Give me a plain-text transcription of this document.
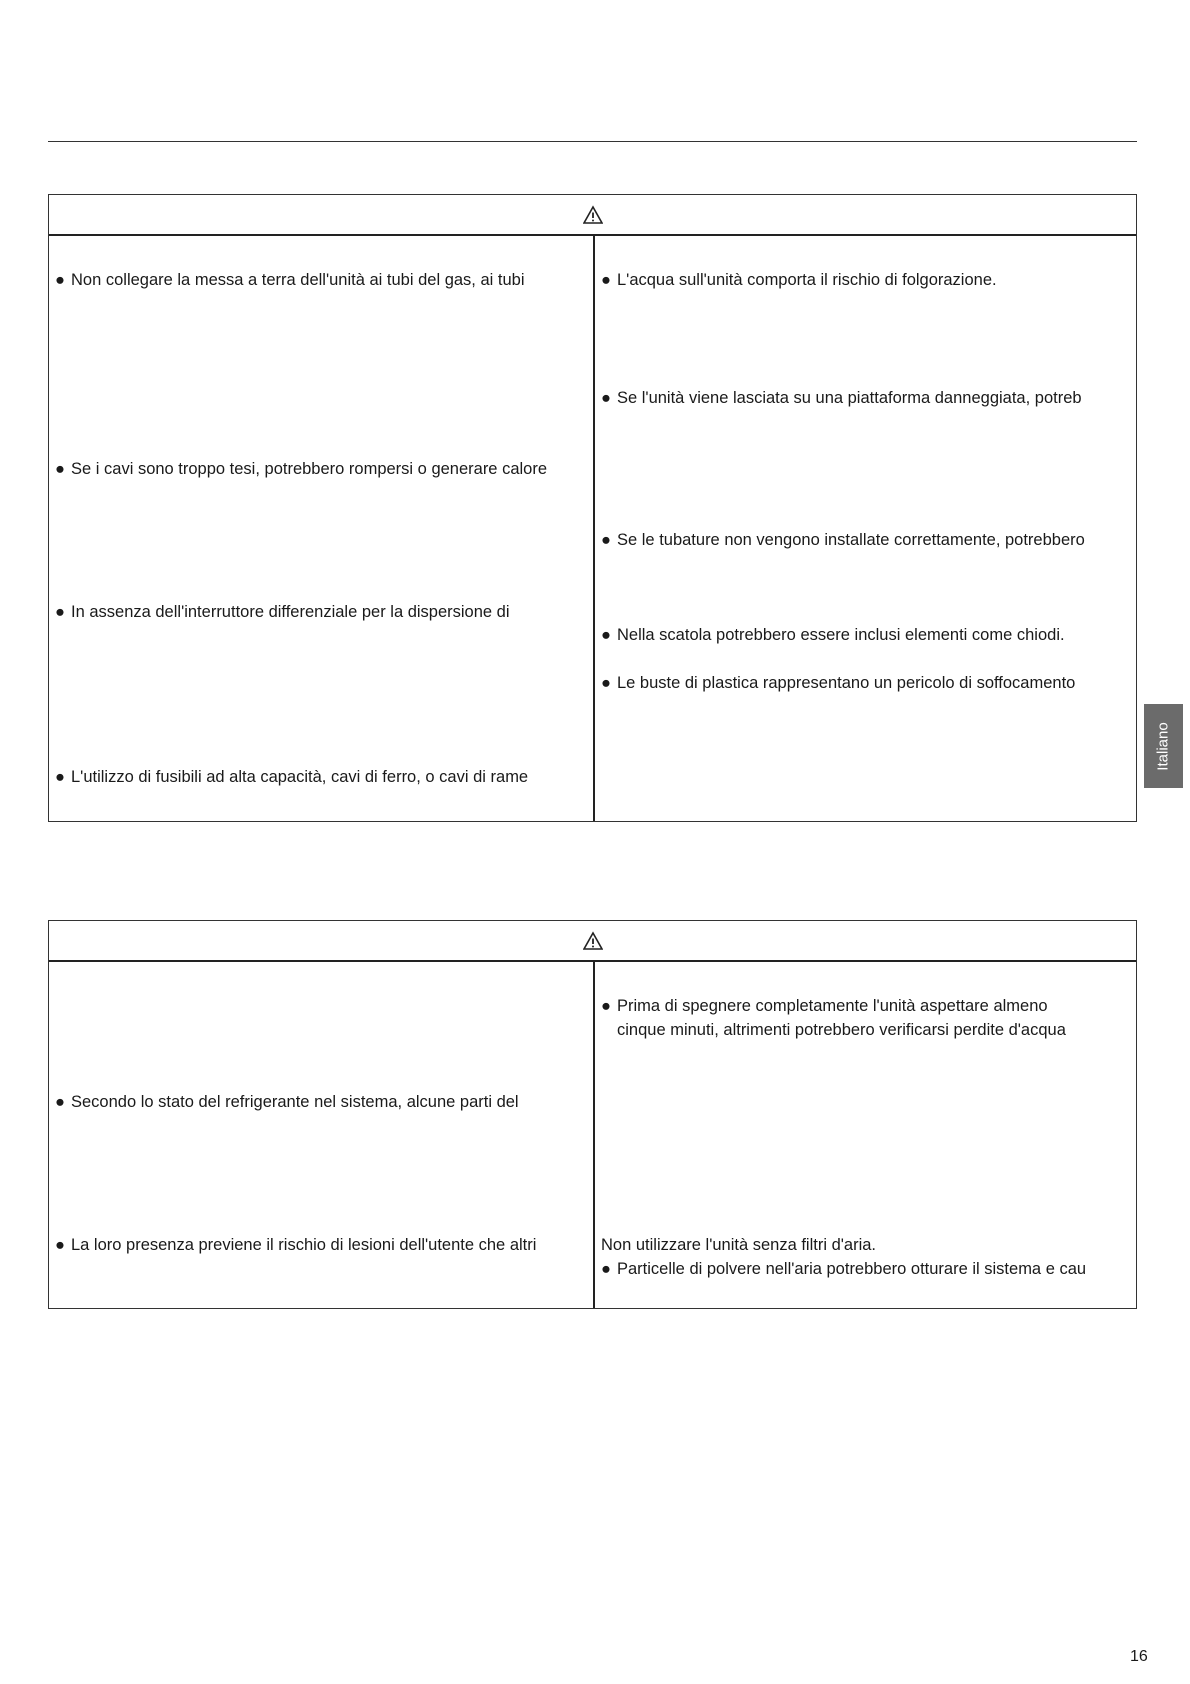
● Non collegare la messa a terra dell'unità ai tubi del gas, ai tubi
● Se i cavi sono troppo tesi, potrebbero rompersi o generare calore
● In assenza dell'interruttore differenziale per la dispersione di
● L'utilizzo di fusibili ad alta capacità, cavi di ferro, o cavi di rame
● L'acqua sull'unità comporta il rischio di folgorazione.
● Se l'unità viene lasciata su una piattaforma danneggiata, potreb
● Se le tubature non vengono installate correttamente, potrebbero
● Nella scatola potrebbero essere inclusi elementi come chiodi.
● Le buste di plastica rappresentano un pericolo di soffocamento
● Secondo lo stato del refrigerante nel sistema, alcune parti del
● La loro presenza previene il rischio di lesioni dell'utente che altri
● Prima di spegnere completamente l'unità aspettare almeno
cinque minuti, altrimenti potrebbero verificarsi perdite d'acqua
Non utilizzare l'unità senza filtri d'aria.
● Particelle di polvere nell'aria potrebbero otturare il sistema e cau
Italiano
16
